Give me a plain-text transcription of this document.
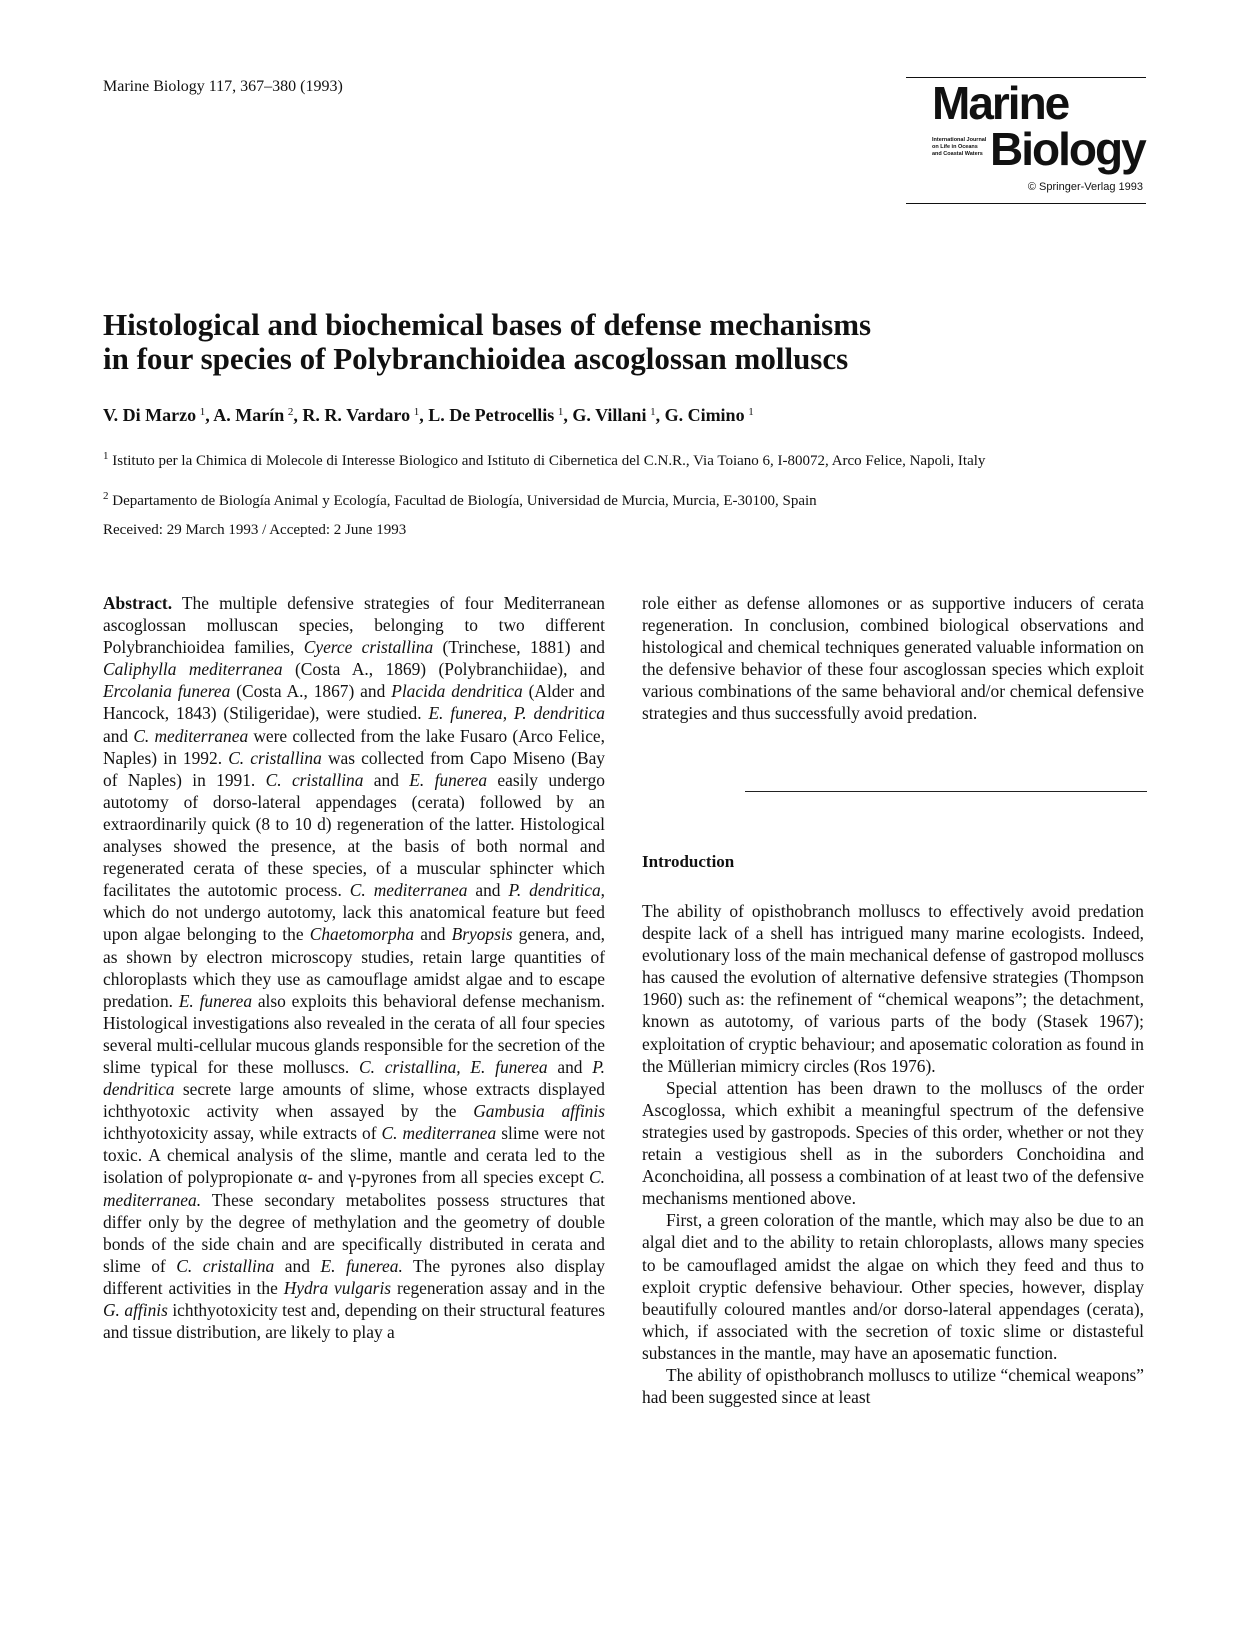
Marine Biology 117, 367–380 (1993)	Marine
International Journal on Life in Oceans and Coastal Waters Biology
© Springer-Verlag 1993
Histological and biochemical bases of defense mechanisms
in four species of Polybranchioidea ascoglossan molluscs
V. Di Marzo  $^1$, A. Marín  $^2$, R. R. Vardaro  $^1$, L. De Petrocellis  $^1$, G. Villani  $^1$, G. Cimino  $^1$
$^1$ Istituto per la Chimica di Molecole di Interesse Biologico and Istituto di Cibernetica del C.N.R., Via Toiano 6, I-80072, Arco Felice, Napoli, Italy
$^2$ Departamento de Biología Animal y Ecología, Facultad de Biología, Universidad de Murcia, Murcia, E-30100, Spain
Received: 29 March 1993 / Accepted: 2 June 1993

Abstract. The multiple defensive strategies of four Mediterranean ascoglossan molluscan species, belonging to two different Polybranchioidea families, Cyerce cristallina (Trinchese, 1881) and Caliphylla mediterranea (Costa A., 1869) (Polybranchiidae), and Ercolania funerea (Costa A., 1867) and Placida dendritica (Alder and Hancock, 1843) (Stiligeridae), were studied. E. funerea, P. dendritica and C. mediterranea were collected from the lake Fusaro (Arco Felice, Naples) in 1992. C. cristallina was collected from Capo Miseno (Bay of Naples) in 1991. C. cristallina and E. funerea easily undergo autotomy of dorso-lateral appendages (cerata) followed by an extraordinarily quick (8 to 10 d) regeneration of the latter. Histological analyses showed the presence, at the basis of both normal and regenerated cerata of these species, of a muscular sphincter which facilitates the autotomic process. C. mediterranea and P. dendritica, which do not undergo autotomy, lack this anatomical feature but feed upon algae belonging to the Chaetomorpha and Bryopsis genera, and, as shown by electron microscopy studies, retain large quantities of chloroplasts which they use as camouflage amidst algae and to escape predation. E. funerea also exploits this behavioral defense mechanism. Histological investigations also revealed in the cerata of all four species several multi-cellular mucous glands responsible for the secretion of the slime typical for these molluscs. C. cristallina, E. funerea and P. dendritica secrete large amounts of slime, whose extracts displayed ichthyotoxic activity when assayed by the Gambusia affinis ichthyotoxicity assay, while extracts of C. mediterranea slime were not toxic. A chemical analysis of the slime, mantle and cerata led to the isolation of polypropionate α- and γ-pyrones from all species except C. mediterranea. These secondary metabolites possess structures that differ only by the degree of methylation and the geometry of double bonds of the side chain and are specifically distributed in cerata and slime of C. cristallina and E. funerea. The pyrones also display different activities in the Hydra vulgaris regeneration assay and in the G. affinis ichthyotoxicity test and, depending on their structural features and tissue distribution, are likely to play a

role either as defense allomones or as supportive inducers of cerata regeneration. In conclusion, combined biological observations and histological and chemical techniques generated valuable information on the defensive behavior of these four ascoglossan species which exploit various combinations of the same behavioral and/or chemical defensive strategies and thus successfully avoid predation.

Introduction

The ability of opisthobranch molluscs to effectively avoid predation despite lack of a shell has intrigued many marine ecologists. Indeed, evolutionary loss of the main mechanical defense of gastropod molluscs has caused the evolution of alternative defensive strategies (Thompson 1960) such as: the refinement of “chemical weapons”; the detachment, known as autotomy, of various parts of the body (Stasek 1967); exploitation of cryptic behaviour; and aposematic coloration as found in the Müllerian mimicry circles (Ros 1976).

Special attention has been drawn to the molluscs of the order Ascoglossa, which exhibit a meaningful spectrum of the defensive strategies used by gastropods. Species of this order, whether or not they retain a vestigious shell as in the suborders Conchoidina and Aconchoidina, all possess a combination of at least two of the defensive mechanisms mentioned above.

First, a green coloration of the mantle, which may also be due to an algal diet and to the ability to retain chloroplasts, allows many species to be camouflaged amidst the algae on which they feed and thus to exploit cryptic defensive behaviour. Other species, however, display beautifully coloured mantles and/or dorso-lateral appendages (cerata), which, if associated with the secretion of toxic slime or distasteful substances in the mantle, may have an aposematic function.

The ability of opisthobranch molluscs to utilize “chemical weapons” had been suggested since at least
